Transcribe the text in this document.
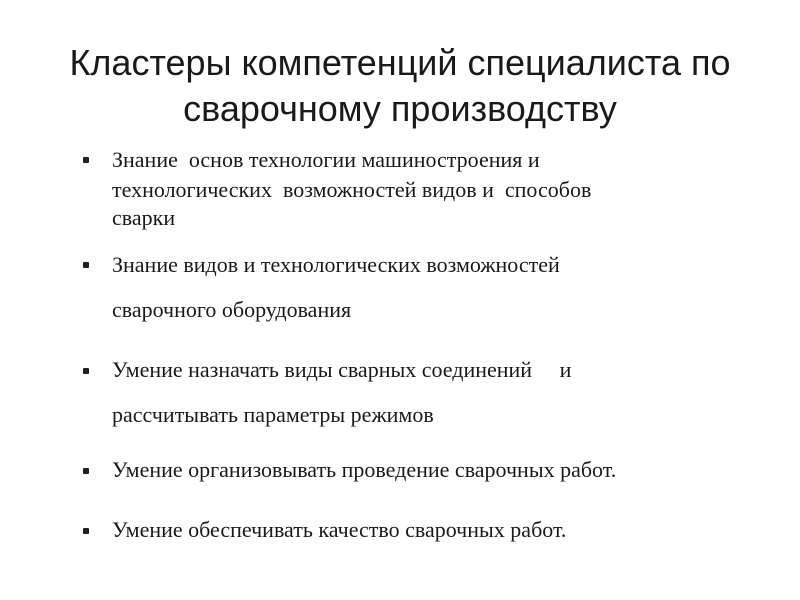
Кластеры компетенций специалиста по
сварочному производству
Знание  основ технологии машиностроения и
технологических  возможностей видов и  способов
сварки
Знание видов и технологических возможностей
сварочного оборудования
Умение назначать виды сварных соединений     и
рассчитывать параметры режимов
Умение организовывать проведение сварочных работ.
Умение обеспечивать качество сварочных работ.
